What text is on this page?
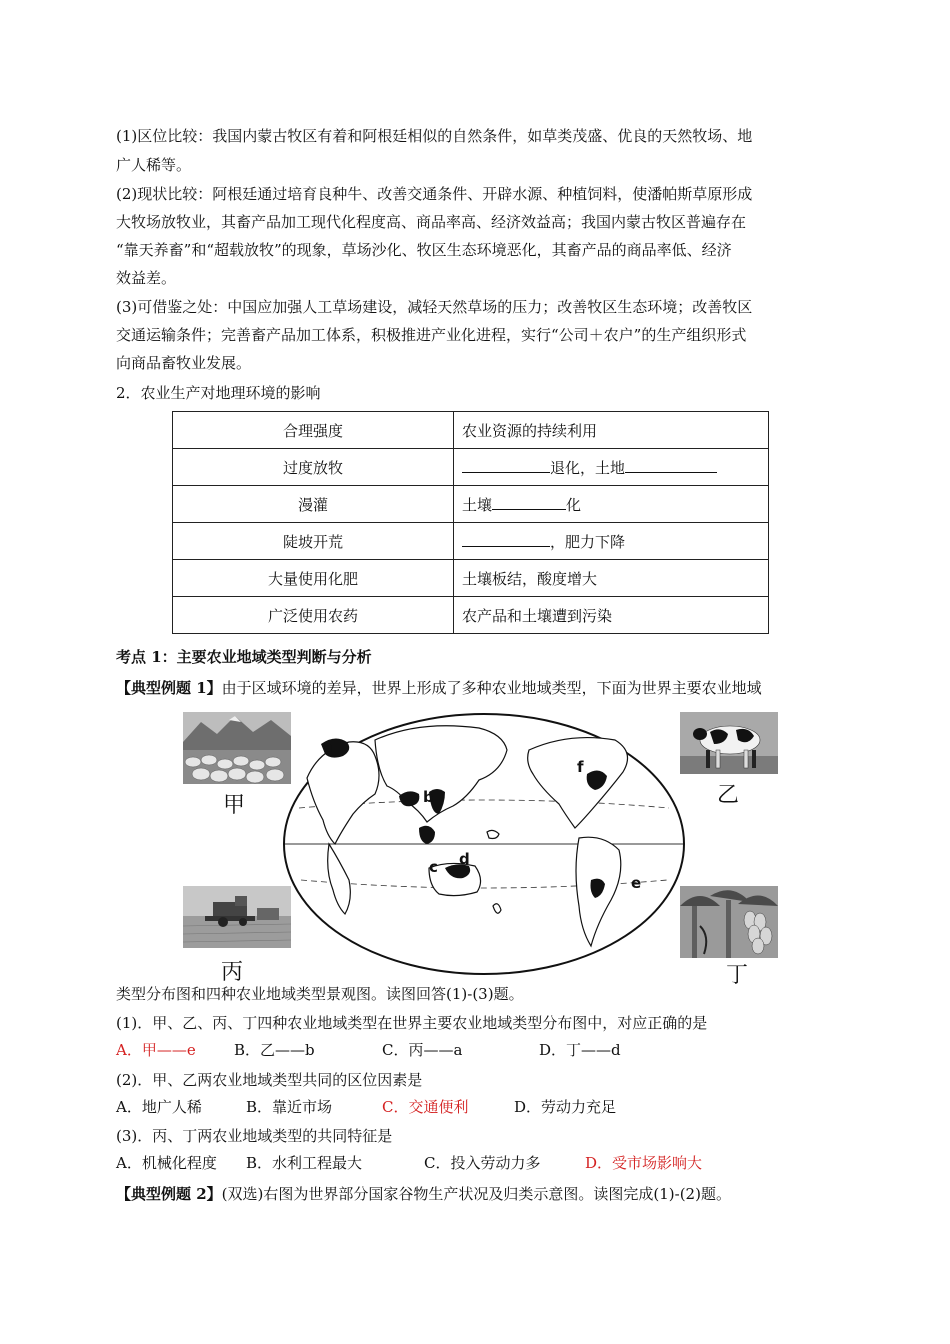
(1)区位比较：我国内蒙古牧区有着和阿根廷相似的自然条件，如草类茂盛、优良的天然牧场、地
广人稀等。
(2)现状比较：阿根廷通过培育良种牛、改善交通条件、开辟水源、种植饲料，使潘帕斯草原形成
大牧场放牧业，其畜产品加工现代化程度高、商品率高、经济效益高；我国内蒙古牧区普遍存在
“靠天养畜”和“超载放牧”的现象，草场沙化、牧区生态环境恶化，其畜产品的商品率低、经济
效益差。
(3)可借鉴之处：中国应加强人工草场建设，减轻天然草场的压力；改善牧区生态环境；改善牧区
交通运输条件；完善畜产品加工体系，积极推进产业化进程，实行“公司＋农户”的生产组织形式
向商品畜牧业发展。
2．农业生产对地理环境的影响
合理强度	农业资源的持续利用
过度放牧	退化，土地
漫灌	土壤 化
陡坡开荒	，肥力下降
大量使用化肥	土壤板结，酸度增大
广泛使用农药	农产品和土壤遭到污染
考点 1：主要农业地域类型判断与分析
【典型例题 1】由于区域环境的差异，世界上形成了多种农业地域类型，下面为世界主要农业地域
甲	乙
丙	丁
a
b
c d
e
f
类型分布图和四种农业地域类型景观图。读图回答(1)-(3)题。
(1)．甲、乙、丙、丁四种农业地域类型在世界主要农业地域类型分布图中，对应正确的是
A．甲——e	B．乙——b	C．丙——a	D．丁——d
(2)．甲、乙两农业地域类型共同的区位因素是
A．地广人稀	B．靠近市场	C．交通便利	D．劳动力充足
(3)．丙、丁两农业地域类型的共同特征是
A．机械化程度 B．水利工程最大	C．投入劳动力多	D．受市场影响大
【典型例题 2】(双选)右图为世界部分国家谷物生产状况及归类示意图。读图完成(1)-(2)题。
